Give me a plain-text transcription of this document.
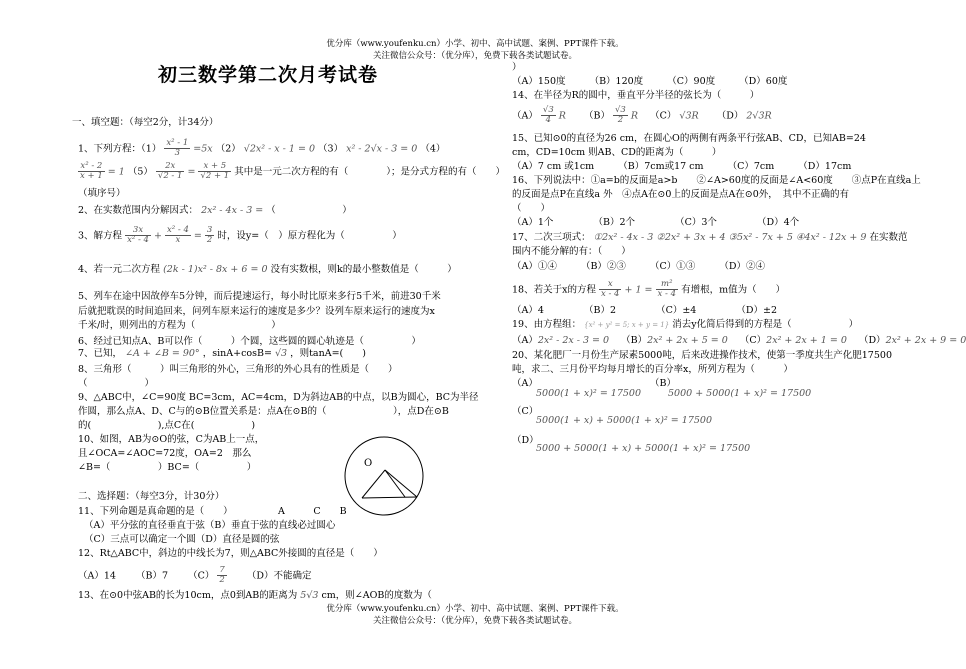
优分库（www.youfenku.cn）小学、初中、高中试题、案例、PPT课件下载。
关注微信公众号：（优分库），免费下载各类试题试卷。
初三数学第二次月考试卷
一、填空题：（每空2分，计34分）
1、下列方程：$(1) \frac{\text{x² - 1}}{3} =5x$ （2） √2x² - x - 1 = 0 （3） x² - 2√x - 3 = 0 （4）
$\frac{\text{x² - 2}}{x + 1} = 1$ $(5) \frac{2x}{√2 - 1} = \frac{x + 5}{√2 + 1}$ 其中是一元二次方程的有（　　　　）；是分式方程的有（　　）
（填序号）
2、在实数范围内分解因式： 2x² - 4x - 3 = （　　　　　　　）
3、解方程 $\frac{3x}{\text{x² - 4}} + \frac{\text{x² - 4}}{x} = \frac{3}{2}$ 时，设y=（　）原方程化为（　　　　　）
4、若一元二次方程 (2k - 1)x² - 8x + 6 = 0 没有实数根，则k的最小整数值是（　　　）
5、列车在途中因故停车5分钟，而后提速运行，每小时比原来多行5千米，前进30千米
后就把耽误的时间追回来，问列车原来运行的速度是多少？设列车原来运行的速度为x
千米/时，则列出的方程为（　　　　　　　　）
6、经过已知点A、B可以作（　　　）个圆，这些圆的圆心轨迹是（　　　　　）
7、已知， ∠A + ∠B = 90° ，sinA+cosB= √3 ，则tanA=(　　)
8、三角形（　　　）叫三角形的外心，三角形的外心具有的性质是（　　）
（　　　　　　）
9、△ABC中，∠C=90度 BC=3cm，AC=4cm，D为斜边AB的中点，以B为圆心，BC为半径
作圆，那么点A、D、C与的⊙B位置关系是：点A在⊙B的（　　　　　　　），点D在⊙B
的(　　　　　　　),点C在(　　　　　　)
10、如图，AB为⊙O的弦，C为AB上一点，
且∠OCA=∠AOC=72度，OA=2　那么
∠B=（　　　　　）BC=（　　　　　）	O
二、选择题：（每空3分，计30分）
11、下列命题是真命题的是（　　）	A　　　C　　B
（A）平分弦的直径垂直于弦（B）垂直于弦的直线必过圆心
（C）三点可以确定一个圆（D）直径是圆的弦
12、Rt△ABC中，斜边的中线长为7，则△ABC外接圆的直径是（　　）
（A）14 （B）7 $(C) \frac{7}{2} (D)$不能确定
13、在⊙0中弦AB的长为10cm，点0到AB的距离为 5√3 cm，则∠AOB的度数为（
）
（A）150度	（B）120度	（C）90度	（D）60度
14、在半径为R的圆中，垂直平分半径的弦长为（　　　）
$(A) \frac{√3}{4}$ R $(B) \frac{√3}{2}$ R （C） √3R （D） 2√3R
15、已知⊙0的直径为26 cm，在圆心O的两侧有两条平行弦AB、CD，已知AB=24
cm，CD=10cm 则AB、CD的距离为（　　　）
（A）7 cm 或1cm	（B）7cm或17 cm	（C）7cm	（D）17cm
16、下列说法中：①a=b的反面是a>b　　②∠A>60度的反面是∠A<60度　　③点P在直线a上
的反面是点P在直线a 外　④点A在⊙0上的反面是点A在⊙0外，　其中不正确的有
（　　）
（A）1个	（B）2个	（C）3个	（D）4个
17、二次三项式： ①2x² - 4x - 3 ②2x² + 3x + 4 ③5x² - 7x + 5 ④4x² - 12x + 9 在实数范
围内不能分解的有：（　　）
（A）①④	（B）②③	（C）①③	（D）②④
18、若关于x的方程 $\frac{x}{x - 4} + 1 = \frac{\text{m²}}{x - 4}$ 有增根，m值为（　　）
（A）4	（B）2	（C）±4	（D）±2
19、由方程组： {x² + y² = 5; x + y = 1} 消去y化简后得到的方程是（　　　　　　）
（A）2x² - 2x - 3 = 0 （B）2x² + 2x + 5 = 0 （C）2x² + 2x + 1 = 0 （D）2x² + 2x + 9 = 0
20、某化肥厂一月份生产尿素5000吨，后来改进操作技术，使第一季度共生产化肥17500
吨，求二、三月份平均每月增长的百分率x，所列方程为（　　　）
（A）
5000(1 + x)² = 17500
（B）
5000 + 5000(1 + x)² = 17500
（C）
5000(1 + x) + 5000(1 + x)² = 17500
（D）
5000 + 5000(1 + x) + 5000(1 + x)² = 17500
优分库（www.youfenku.cn）小学、初中、高中试题、案例、PPT课件下载。
关注微信公众号：（优分库），免费下载各类试题试卷。
